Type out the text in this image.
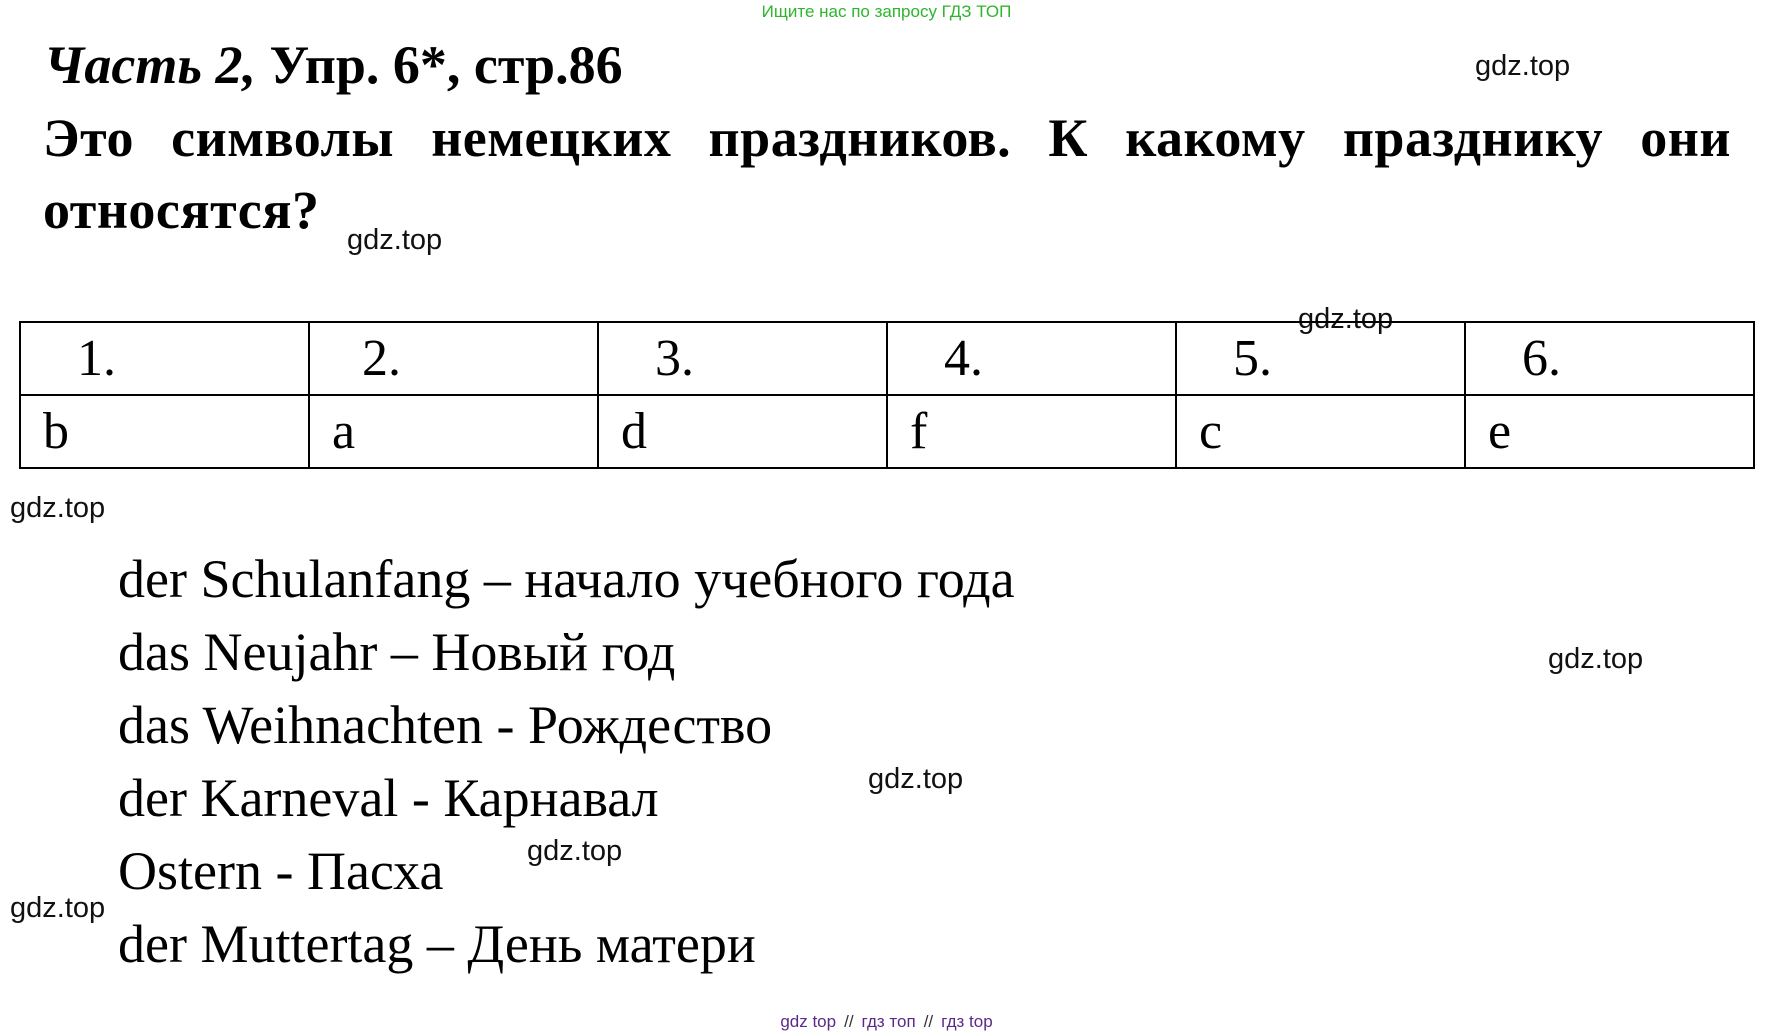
Ищите нас по запросу ГДЗ ТОП
Часть 2, Упр. 6*, стр.86
Это символы немецких праздников. К какому празднику они относятся?
gdz.top
gdz.top
gdz.top
gdz.top
gdz.top
gdz.top
gdz.top
gdz.top
1.	2.	3.	4.	5.	6.
b	a	d	f	c	e
der Schulanfang – начало учебного года
das Neujahr – Новый год
das Weihnachten - Рождество
der Karneval - Карнавал
Ostern - Пасха
der Muttertag – День матери
gdz top // гдз топ // гдз top
